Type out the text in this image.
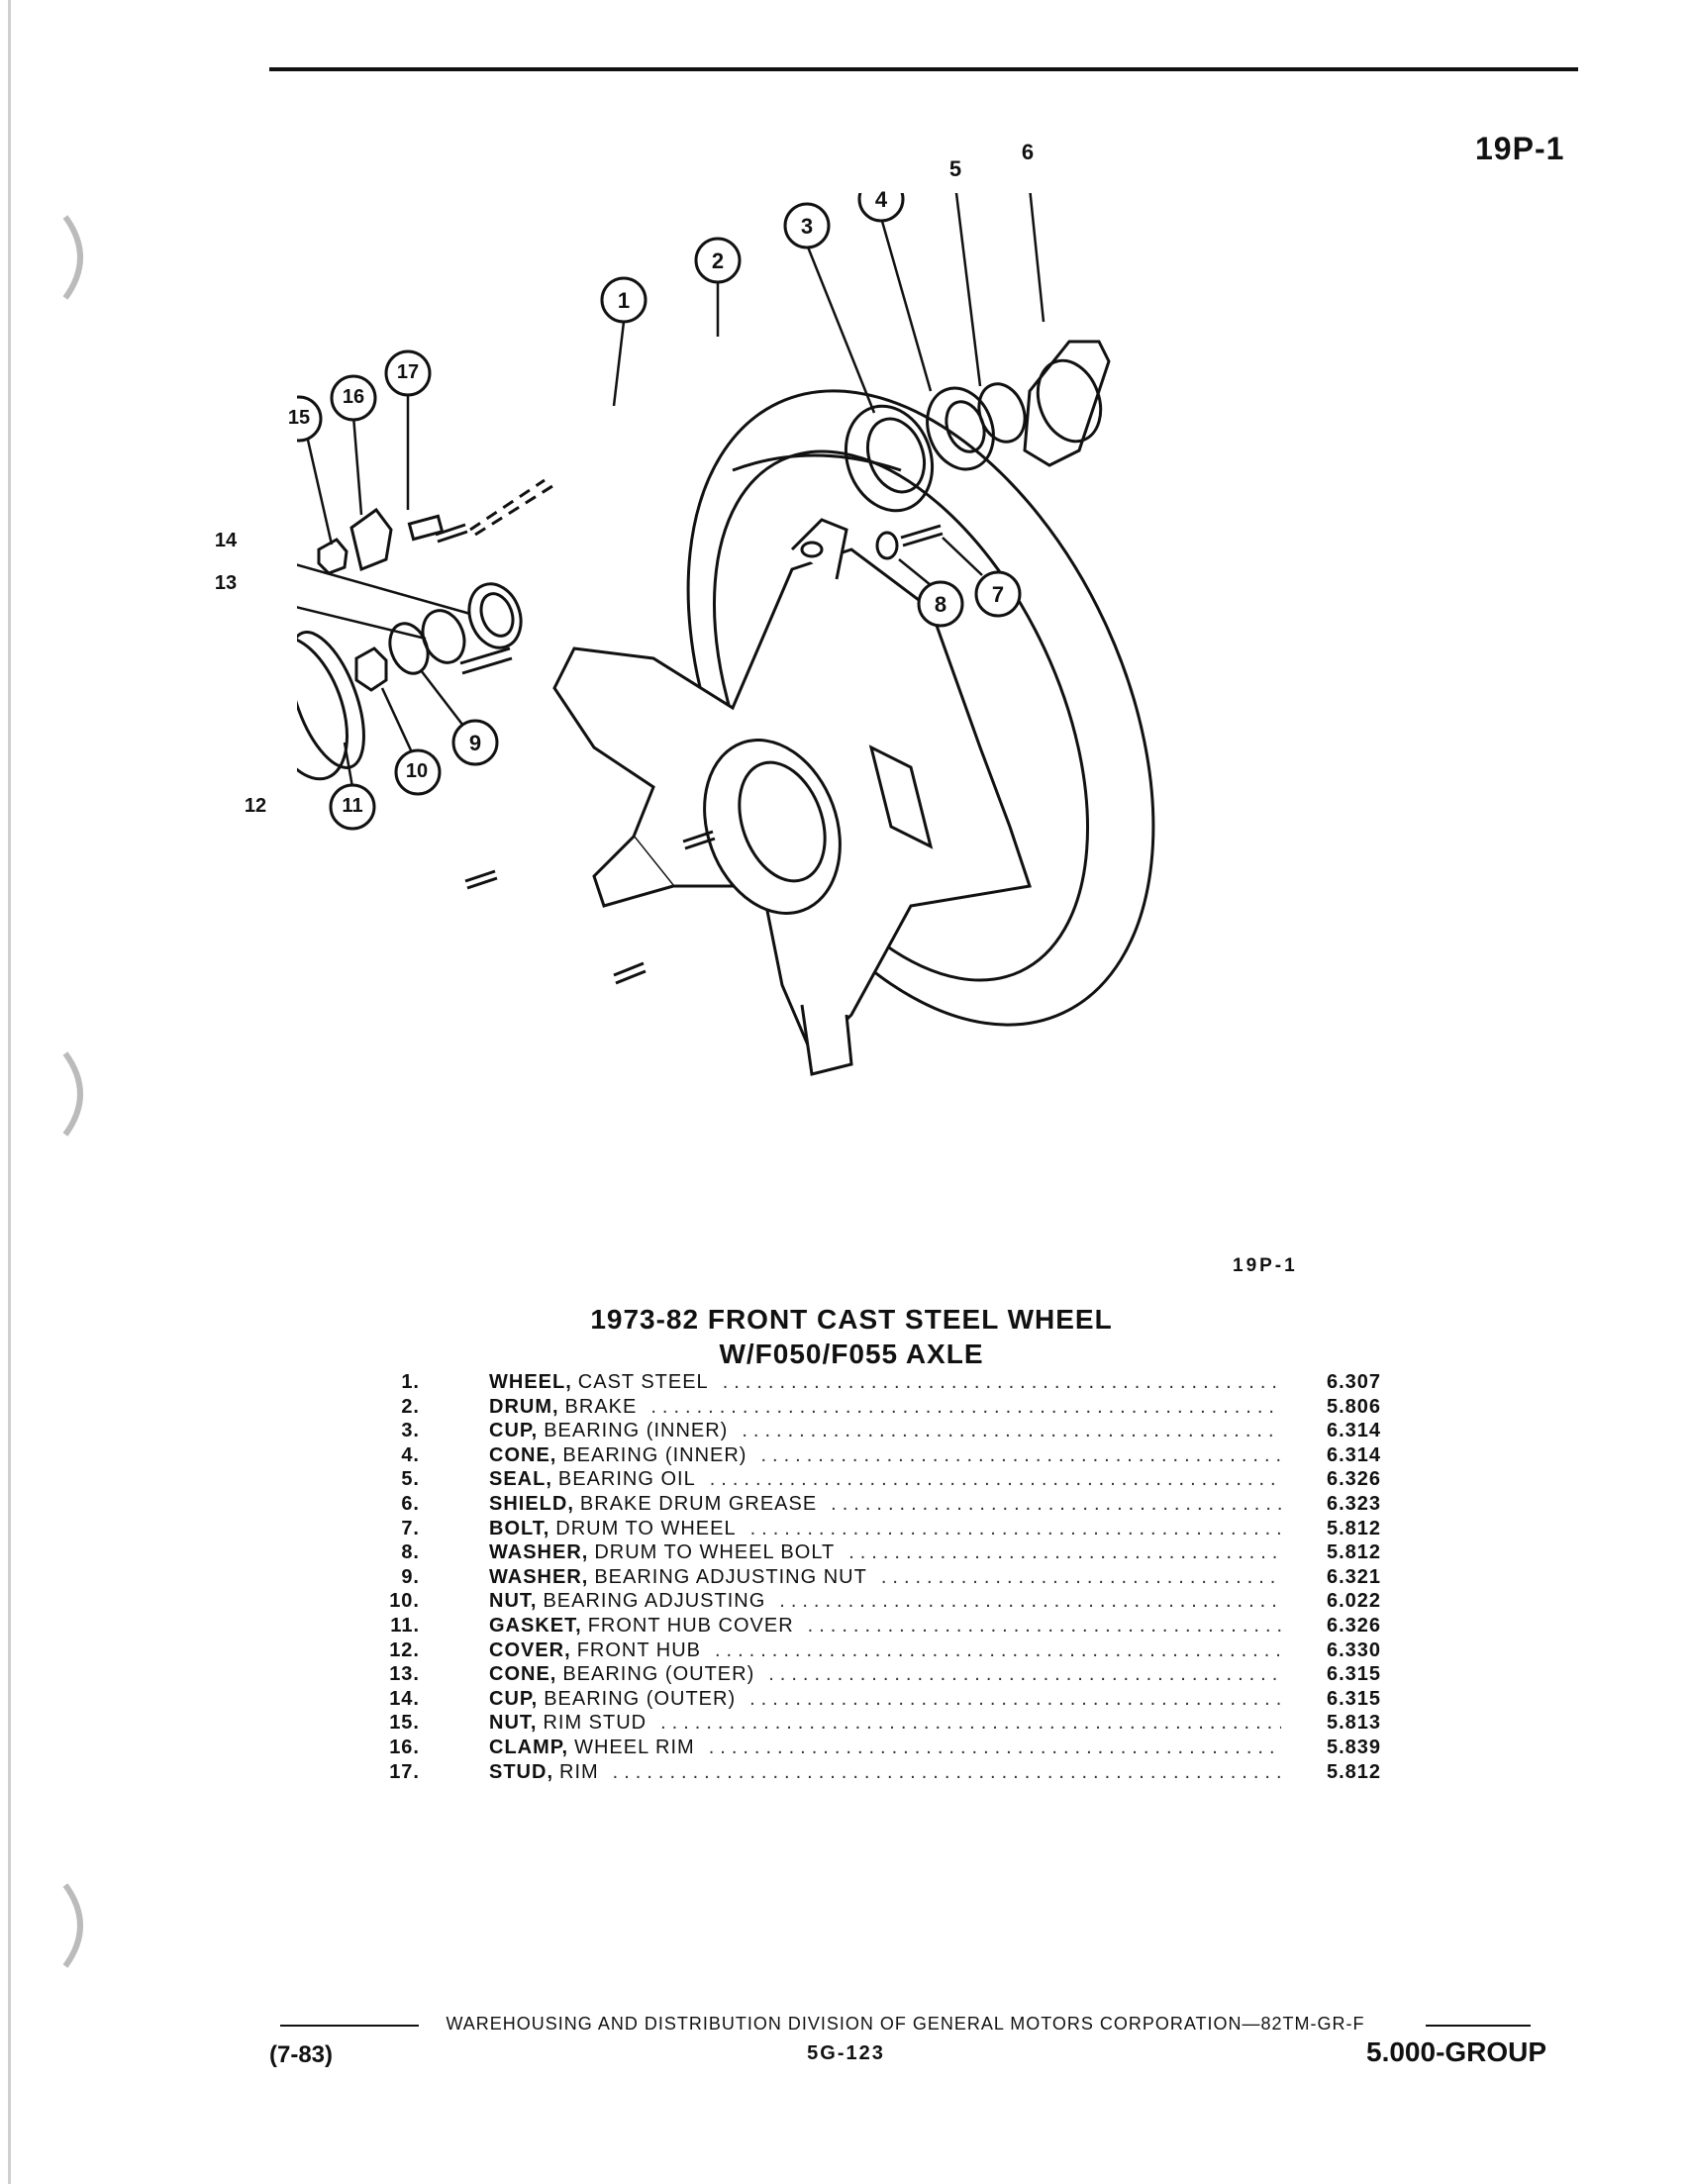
19P-1
1
2
3
4
5
6
7
8
9
10
11
12
13
14
15
16
17
19P-1
1973-82 FRONT CAST STEEL WHEEL
W/F050/F055 AXLE
1.	WHEEL, CAST STEEL .....	6.307
2.	DRUM, BRAKE .....	5.806
3.	CUP, BEARING (INNER) .....	6.314
4.	CONE, BEARING (INNER) .....	6.314
5.	SEAL, BEARING OIL .....	6.326
6.	SHIELD, BRAKE DRUM GREASE .....	6.323
7.	BOLT, DRUM TO WHEEL .....	5.812
8.	WASHER, DRUM TO WHEEL BOLT .....	5.812
9.	WASHER, BEARING ADJUSTING NUT .....	6.321
10.	NUT, BEARING ADJUSTING .....	6.022
11.	GASKET, FRONT HUB COVER .....	6.326
12.	COVER, FRONT HUB .....	6.330
13.	CONE, BEARING (OUTER) .....	6.315
14.	CUP, BEARING (OUTER) .....	6.315
15.	NUT, RIM STUD .....	5.813
16.	CLAMP, WHEEL RIM .....	5.839
17.	STUD, RIM .....	5.812
WAREHOUSING AND DISTRIBUTION DIVISION OF GENERAL MOTORS CORPORATION—82TM-GR-F
(7-83)	5G-123	5.000-GROUP
